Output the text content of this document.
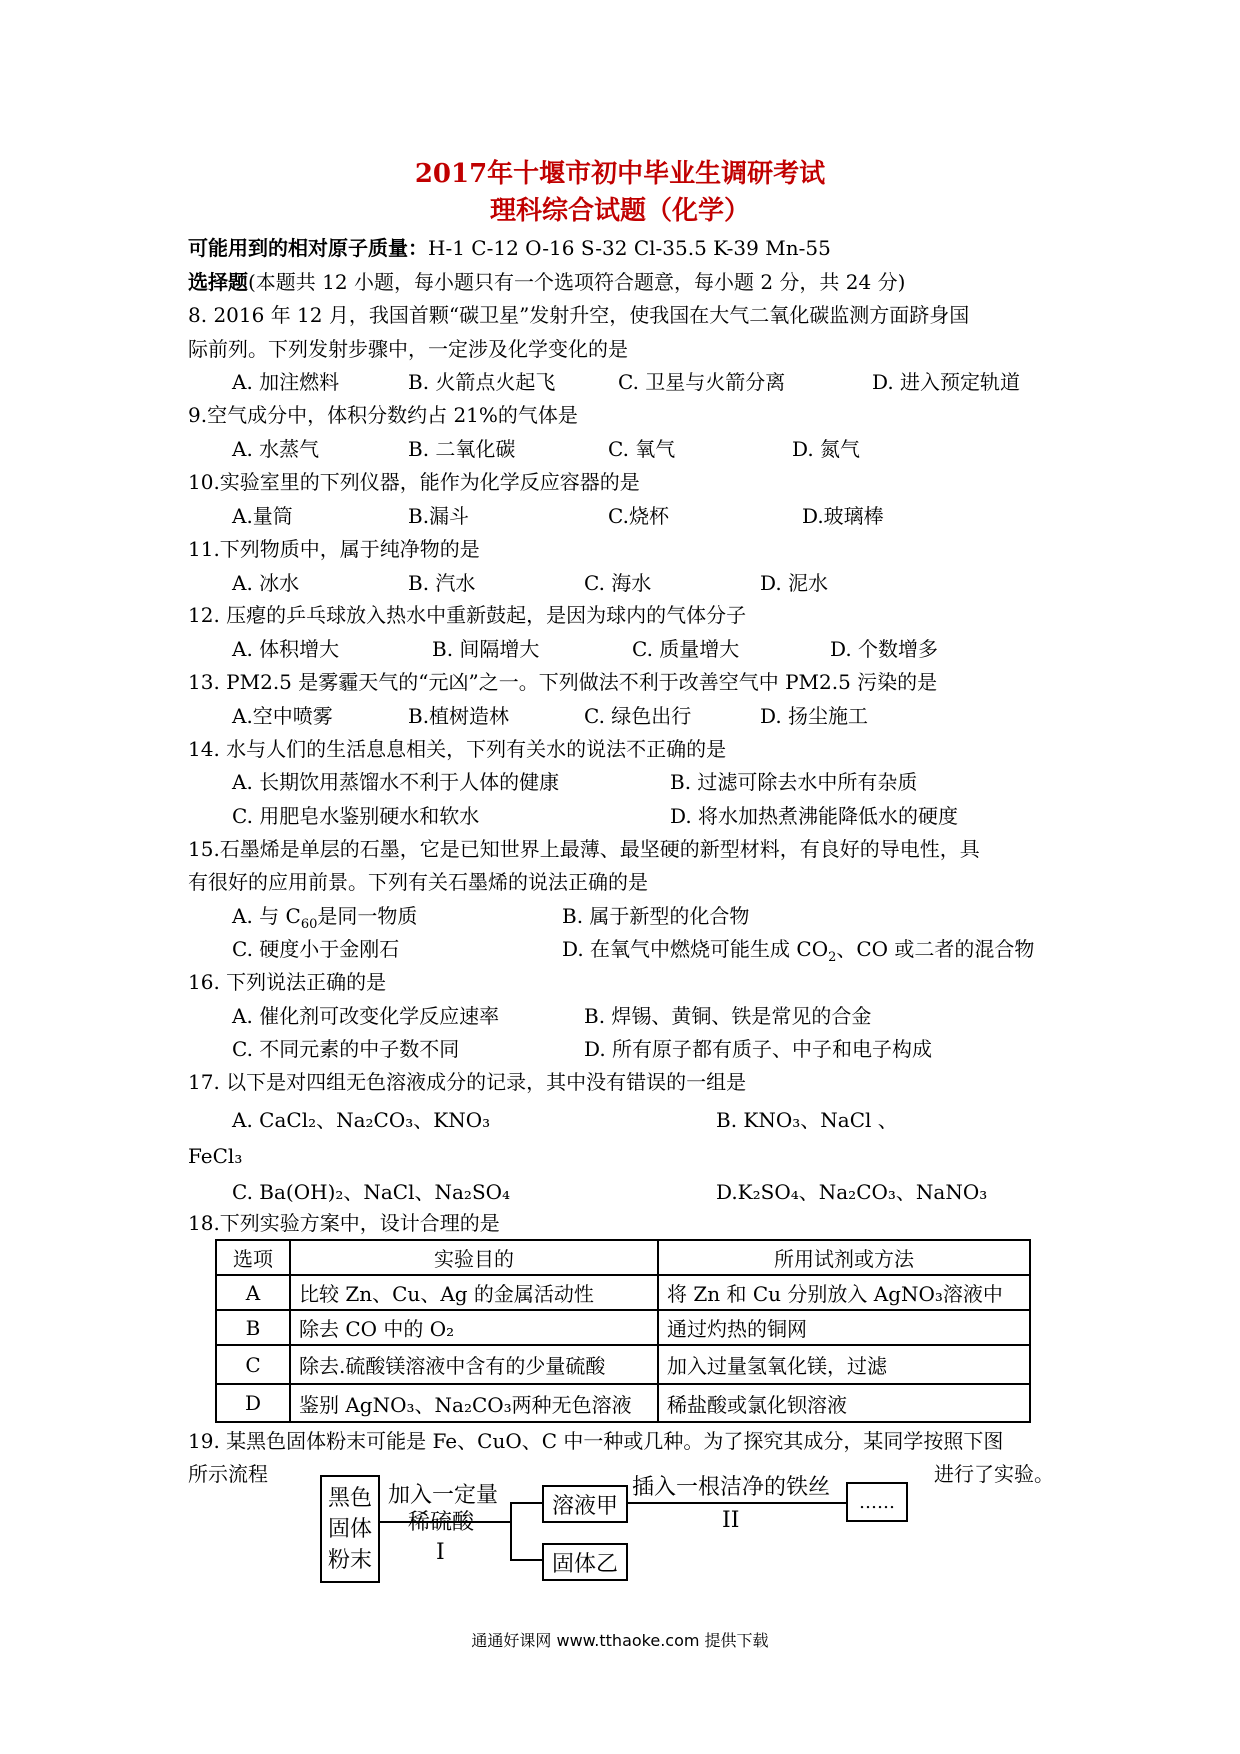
2017年十堰市初中毕业生调研考试
理科综合试题（化学）
可能用到的相对原子质量：H-1 C-12 O-16 S-32 Cl-35.5 K-39 Mn-55
选择题(本题共 12 小题，每小题只有一个选项符合题意，每小题 2 分，共 24 分)
8. 2016 年 12 月，我国首颗“碳卫星”发射升空，使我国在大气二氧化碳监测方面跻身国
际前列。下列发射步骤中，一定涉及化学变化的是
A. 加注燃料	B. 火箭点火起飞	C. 卫星与火箭分离	D. 进入预定轨道
9.空气成分中，体积分数约占 21%的气体是
A. 水蒸气	B. 二氧化碳	C. 氧气	D. 氮气
10.实验室里的下列仪器，能作为化学反应容器的是
A.量筒	B.漏斗	C.烧杯	D.玻璃棒
11.下列物质中，属于纯净物的是
A. 冰水	B. 汽水	C. 海水	D. 泥水
12. 压瘪的乒乓球放入热水中重新鼓起，是因为球内的气体分子
A. 体积增大	B. 间隔增大	C. 质量增大	D. 个数增多
13. PM2.5 是雾霾天气的“元凶”之一。下列做法不利于改善空气中 PM2.5 污染的是
A.空中喷雾	B.植树造林	C. 绿色出行	D. 扬尘施工
14. 水与人们的生活息息相关，下列有关水的说法不正确的是
A. 长期饮用蒸馏水不利于人体的健康	B. 过滤可除去水中所有杂质
C. 用肥皂水鉴别硬水和软水	D. 将水加热煮沸能降低水的硬度
15.石墨烯是单层的石墨，它是已知世界上最薄、最坚硬的新型材料，有良好的导电性，具
有很好的应用前景。下列有关石墨烯的说法正确的是
A. 与 $C_{60}$是同一物质	B. 属于新型的化合物
C. 硬度小于金刚石	D. 在氧气中燃烧可能生成 $CO_2$、CO 或二者的混合物
16. 下列说法正确的是
A. 催化剂可改变化学反应速率	B. 焊锡、黄铜、铁是常见的合金
C. 不同元素的中子数不同	D. 所有原子都有质子、中子和电子构成
17. 以下是对四组无色溶液成分的记录，其中没有错误的一组是
A. CaCl₂、Na₂CO₃、KNO₃	B. KNO₃、NaCl 、
FeCl₃
C. Ba(OH)₂、NaCl、Na₂SO₄	D.K₂SO₄、Na₂CO₃、NaNO₃
18.下列实验方案中，设计合理的是
选项	实验目的	所用试剂或方法
A	比较 Zn、Cu、Ag 的金属活动性	将 Zn 和 Cu 分别放入 AgNO₃溶液中
B	除去 CO 中的 O₂	通过灼热的铜网
C	除去.硫酸镁溶液中含有的少量硫酸	加入过量氢氧化镁，过滤
D	鉴别 AgNO₃、Na₂CO₃两种无色溶液	稀盐酸或氯化钡溶液
19. 某黑色固体粉末可能是 Fe、CuO、C 中一种或几种。为了探究其成分，某同学按照下图
所示流程	进行了实验。
黑色固体粉末
加入一定量
稀硫酸
I
溶液甲
固体乙
插入一根洁净的铁丝
II
……
通通好课网 www.tthaoke.com 提供下载
